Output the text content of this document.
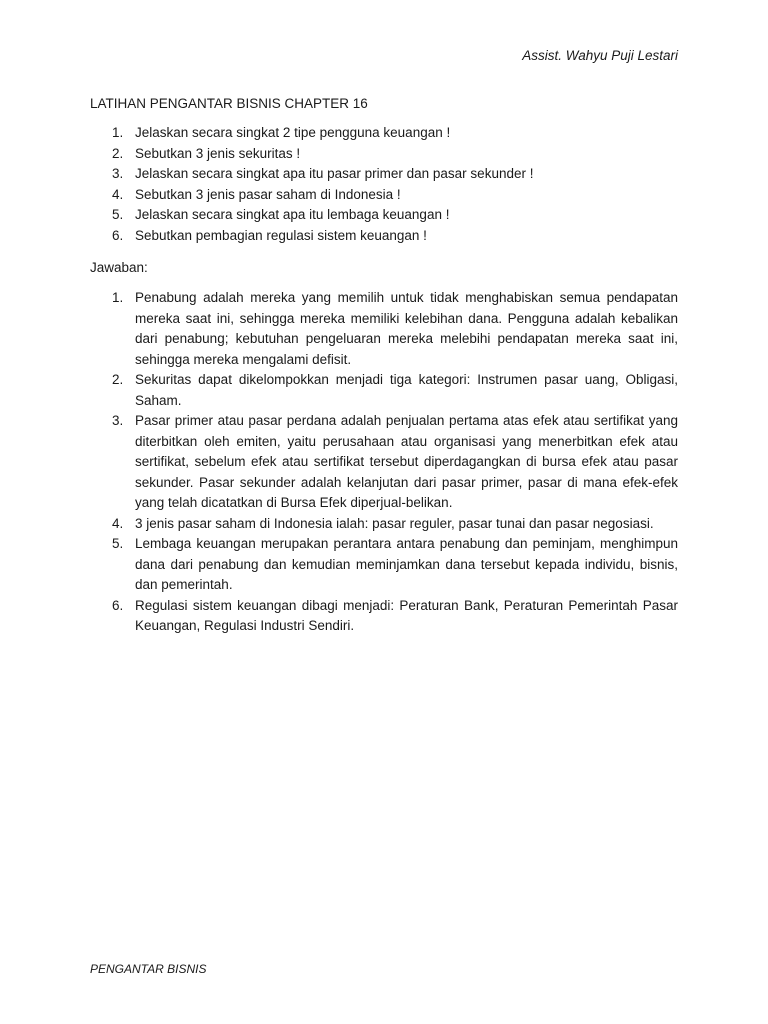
Assist. Wahyu Puji Lestari
LATIHAN PENGANTAR BISNIS CHAPTER 16
1. Jelaskan secara singkat 2 tipe pengguna keuangan !
2. Sebutkan 3 jenis sekuritas !
3. Jelaskan secara singkat apa itu pasar primer dan pasar sekunder !
4. Sebutkan 3 jenis pasar saham di Indonesia !
5. Jelaskan secara singkat apa itu lembaga keuangan !
6. Sebutkan pembagian regulasi sistem keuangan !
Jawaban:
1. Penabung adalah mereka yang memilih untuk tidak menghabiskan semua pendapatan mereka saat ini, sehingga mereka memiliki kelebihan dana. Pengguna adalah kebalikan dari penabung; kebutuhan pengeluaran mereka melebihi pendapatan mereka saat ini, sehingga mereka mengalami defisit.
2. Sekuritas dapat dikelompokkan menjadi tiga kategori: Instrumen pasar uang, Obligasi, Saham.
3. Pasar primer atau pasar perdana adalah penjualan pertama atas efek atau sertifikat yang diterbitkan oleh emiten, yaitu perusahaan atau organisasi yang menerbitkan efek atau sertifikat, sebelum efek atau sertifikat tersebut diperdagangkan di bursa efek atau pasar sekunder. Pasar sekunder adalah kelanjutan dari pasar primer, pasar di mana efek-efek yang telah dicatatkan di Bursa Efek diperjual-belikan.
4. 3 jenis pasar saham di Indonesia ialah: pasar reguler, pasar tunai dan pasar negosiasi.
5. Lembaga keuangan merupakan perantara antara penabung dan peminjam, menghimpun dana dari penabung dan kemudian meminjamkan dana tersebut kepada individu, bisnis, dan pemerintah.
6. Regulasi sistem keuangan dibagi menjadi: Peraturan Bank, Peraturan Pemerintah Pasar Keuangan, Regulasi Industri Sendiri.
PENGANTAR BISNIS
